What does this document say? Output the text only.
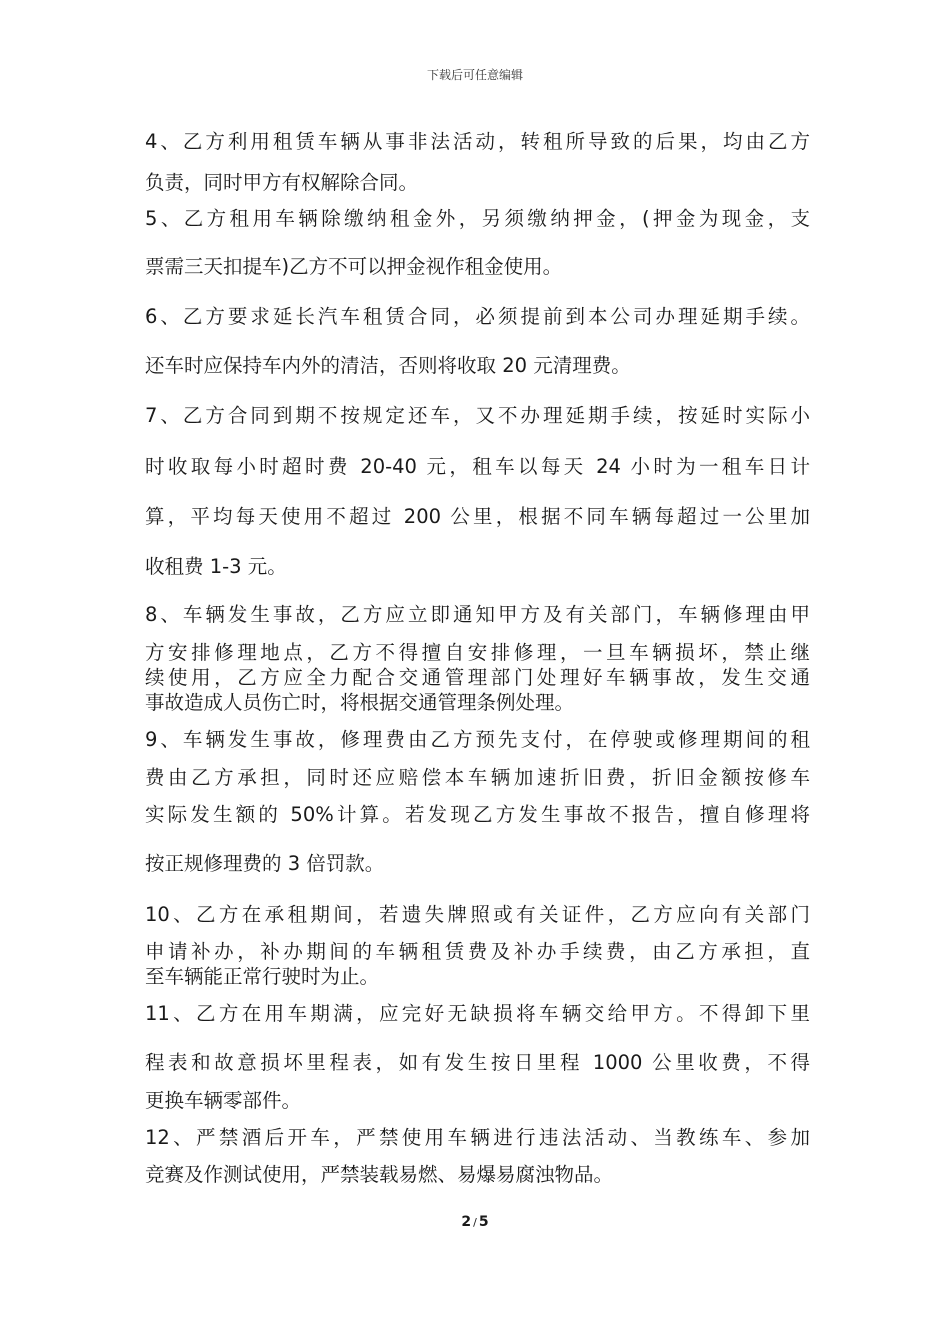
下载后可任意编辑
4、乙方利用租赁车辆从事非法活动，转租所导致的后果，均由乙方
负责，同时甲方有权解除合同。
5、乙方租用车辆除缴纳租金外，另须缴纳押金，(押金为现金，支
票需三天扣提车)乙方不可以押金视作租金使用。
6、乙方要求延长汽车租赁合同，必须提前到本公司办理延期手续。
还车时应保持车内外的清洁，否则将收取 20 元清理费。
7、乙方合同到期不按规定还车，又不办理延期手续，按延时实际小
时收取每小时超时费 20-40 元，租车以每天 24 小时为一租车日计
算，平均每天使用不超过 200 公里，根据不同车辆每超过一公里加
收租费 1-3 元。
8、车辆发生事故，乙方应立即通知甲方及有关部门，车辆修理由甲
方安排修理地点，乙方不得擅自安排修理，一旦车辆损坏，禁止继
续使用，乙方应全力配合交通管理部门处理好车辆事故，发生交通
事故造成人员伤亡时，将根据交通管理条例处理。
9、车辆发生事故，修理费由乙方预先支付，在停驶或修理期间的租
费由乙方承担，同时还应赔偿本车辆加速折旧费，折旧金额按修车
实际发生额的 50%计算。若发现乙方发生事故不报告，擅自修理将
按正规修理费的 3 倍罚款。
10、乙方在承租期间，若遗失牌照或有关证件，乙方应向有关部门
申请补办，补办期间的车辆租赁费及补办手续费，由乙方承担，直
至车辆能正常行驶时为止。
11、乙方在用车期满，应完好无缺损将车辆交给甲方。不得卸下里
程表和故意损坏里程表，如有发生按日里程 1000 公里收费，不得
更换车辆零部件。
12、严禁酒后开车，严禁使用车辆进行违法活动、当教练车、参加
竞赛及作测试使用，严禁装载易燃、易爆易腐浊物品。
2 / 5
